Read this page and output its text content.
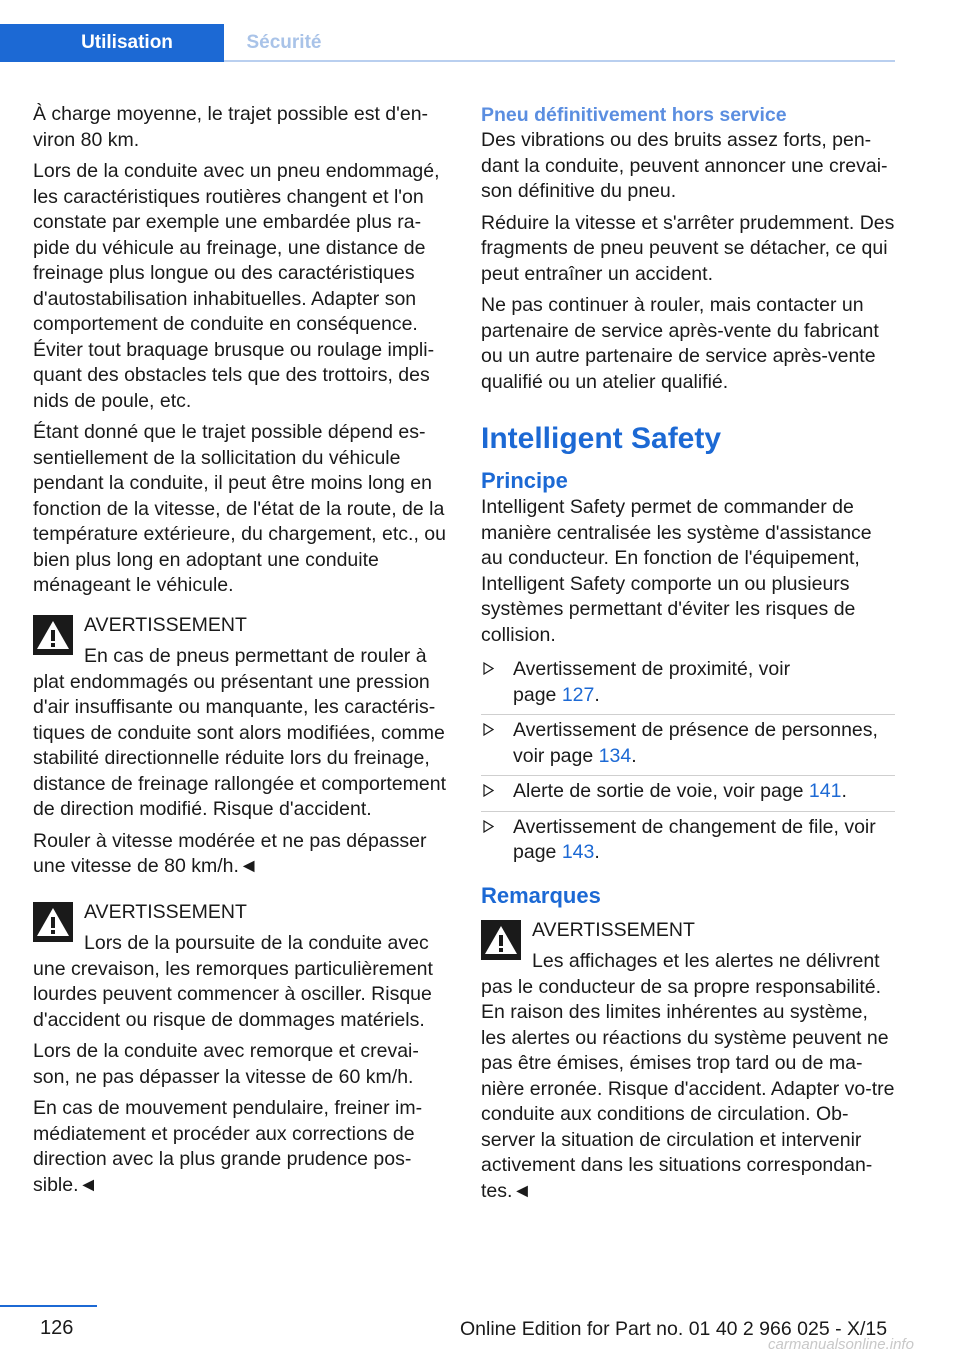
Utilisation	Sécurité

À charge moyenne, le trajet possible est d'en-viron 80 km.

Lors de la conduite avec un pneu endommagé, les caractéristiques routières changent et l'on constate par exemple une embardée plus ra-pide du véhicule au freinage, une distance de freinage plus longue ou des caractéristiques d'autostabilisation inhabituelles. Adapter son comportement de conduite en conséquence. Éviter tout braquage brusque ou roulage impli-quant des obstacles tels que des trottoirs, des nids de poule, etc.

Étant donné que le trajet possible dépend es-sentiellement de la sollicitation du véhicule pendant la conduite, il peut être moins long en fonction de la vitesse, de l'état de la route, de la température extérieure, du chargement, etc., ou bien plus long en adoptant une conduite ménageant le véhicule.

AVERTISSEMENT

En cas de pneus permettant de rouler à plat endommagés ou présentant une pression d'air insuffisante ou manquante, les caractéris-tiques de conduite sont alors modifiées, comme stabilité directionnelle réduite lors du freinage, distance de freinage rallongée et comportement de direction modifié. Risque d'accident.

Rouler à vitesse modérée et ne pas dépasser une vitesse de 80 km/h.◄

AVERTISSEMENT

Lors de la poursuite de la conduite avec une crevaison, les remorques particulièrement lourdes peuvent commencer à osciller. Risque d'accident ou risque de dommages matériels.

Lors de la conduite avec remorque et crevai-son, ne pas dépasser la vitesse de 60 km/h.

En cas de mouvement pendulaire, freiner im-médiatement et procéder aux corrections de direction avec la plus grande prudence pos-sible.◄

Pneu définitivement hors service

Des vibrations ou des bruits assez forts, pen-dant la conduite, peuvent annoncer une crevai-son définitive du pneu.

Réduire la vitesse et s'arrêter prudemment. Des fragments de pneu peuvent se détacher, ce qui peut entraîner un accident.

Ne pas continuer à rouler, mais contacter un partenaire de service après-vente du fabricant ou un autre partenaire de service après-vente qualifié ou un atelier qualifié.

Intelligent Safety
Principe

Intelligent Safety permet de commander de manière centralisée les système d'assistance au conducteur. En fonction de l'équipement, Intelligent Safety comporte un ou plusieurs systèmes permettant d'éviter les risques de collision.

Avertissement de proximité, voir
page 127.
Avertissement de présence de personnes,
voir page 134.
Alerte de sortie de voie, voir page 141.
Avertissement de changement de file, voir
page 143.
Remarques
AVERTISSEMENT

Les affichages et les alertes ne délivrent pas le conducteur de sa propre responsabilité. En raison des limites inhérentes au système, les alertes ou réactions du système peuvent ne pas être émises, émises trop tard ou de ma-nière erronée. Risque d'accident. Adapter vo-tre conduite aux conditions de circulation. Ob-server la situation de circulation et intervenir activement dans les situations correspondan-tes.◄

126	Online Edition for Part no. 01 40 2 966 025 - X/15
carmanualsonline.info
